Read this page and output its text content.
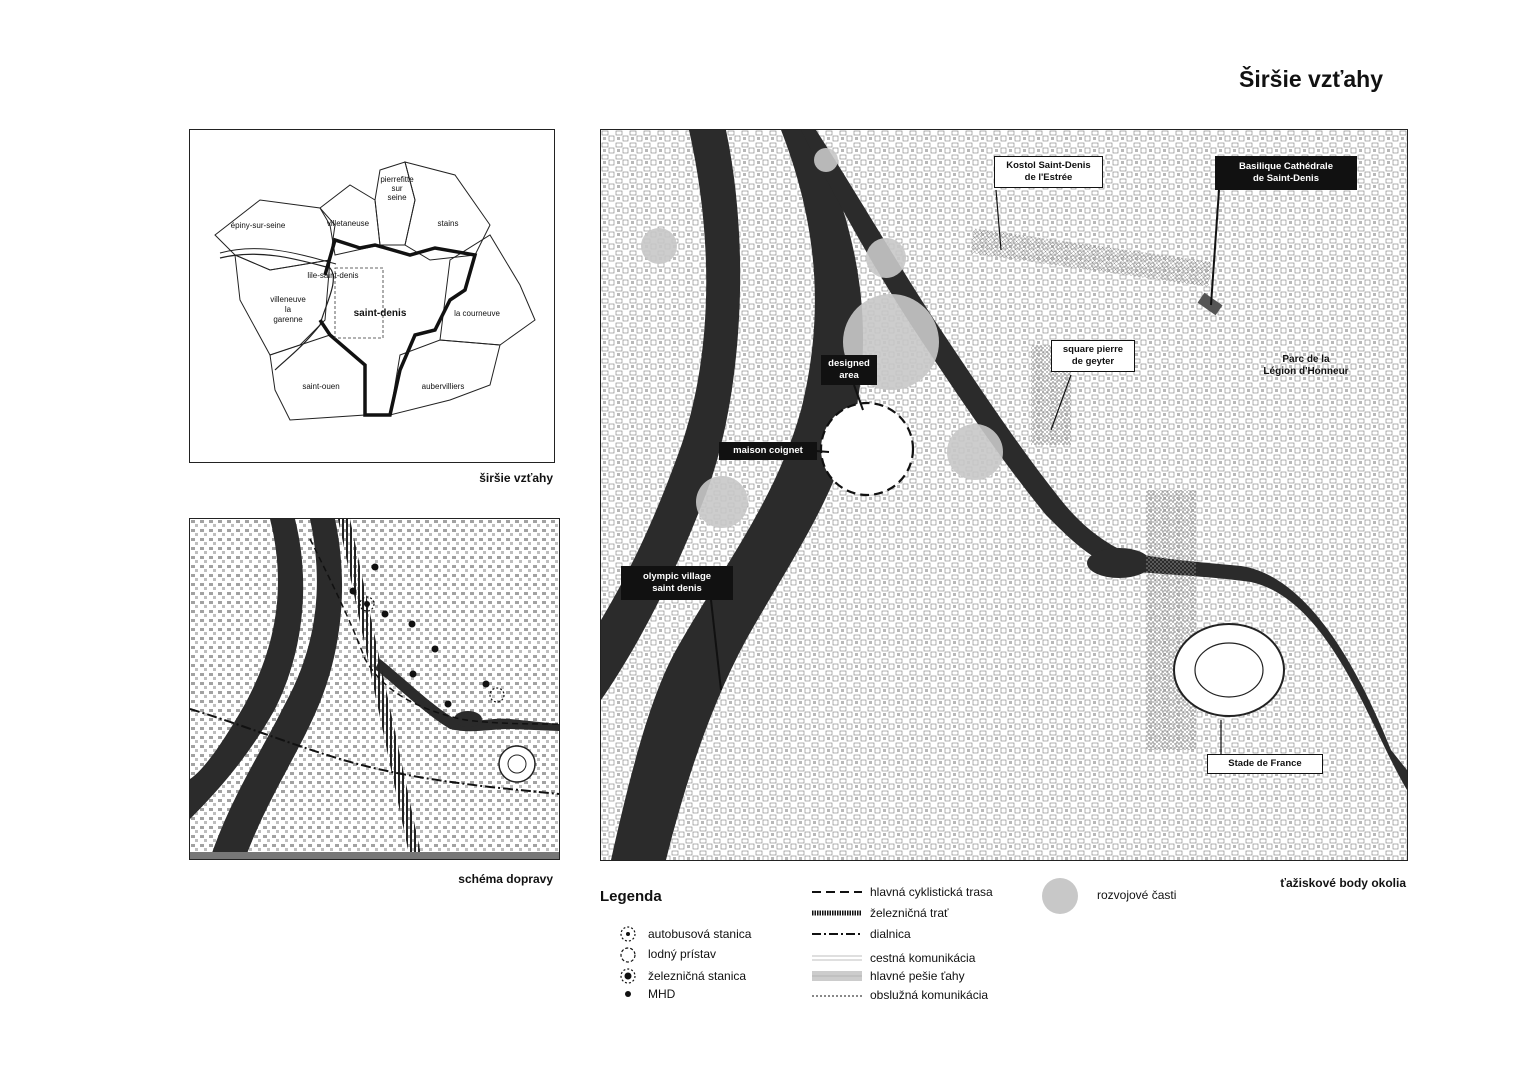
Širšie vzťahy
épiny-sur-seine	villetaneuse
pierrefitte
sur
seine
stains
lile-saint-denis
villeneuve
la
garenne
saint-denis	la courneuve
saint-ouen	aubervilliers
širšie vzťahy
schéma dopravy
Kostol Saint-Denis
de l'Estrée
Basilique Cathédrale
de Saint-Denis
designed
area
maison coignet
square pierre
de geyter	Parc de la
Légion d'Honneur
olympic village
saint denis
Stade de France
ťažiskové body okolia
Legenda
autobusová stanica
lodný prístav
železničná stanica
MHD
hlavná cyklistická trasa
železničná trať
dialnica
cestná komunikácia
hlavné pešie ťahy
obslužná komunikácia
rozvojové časti
